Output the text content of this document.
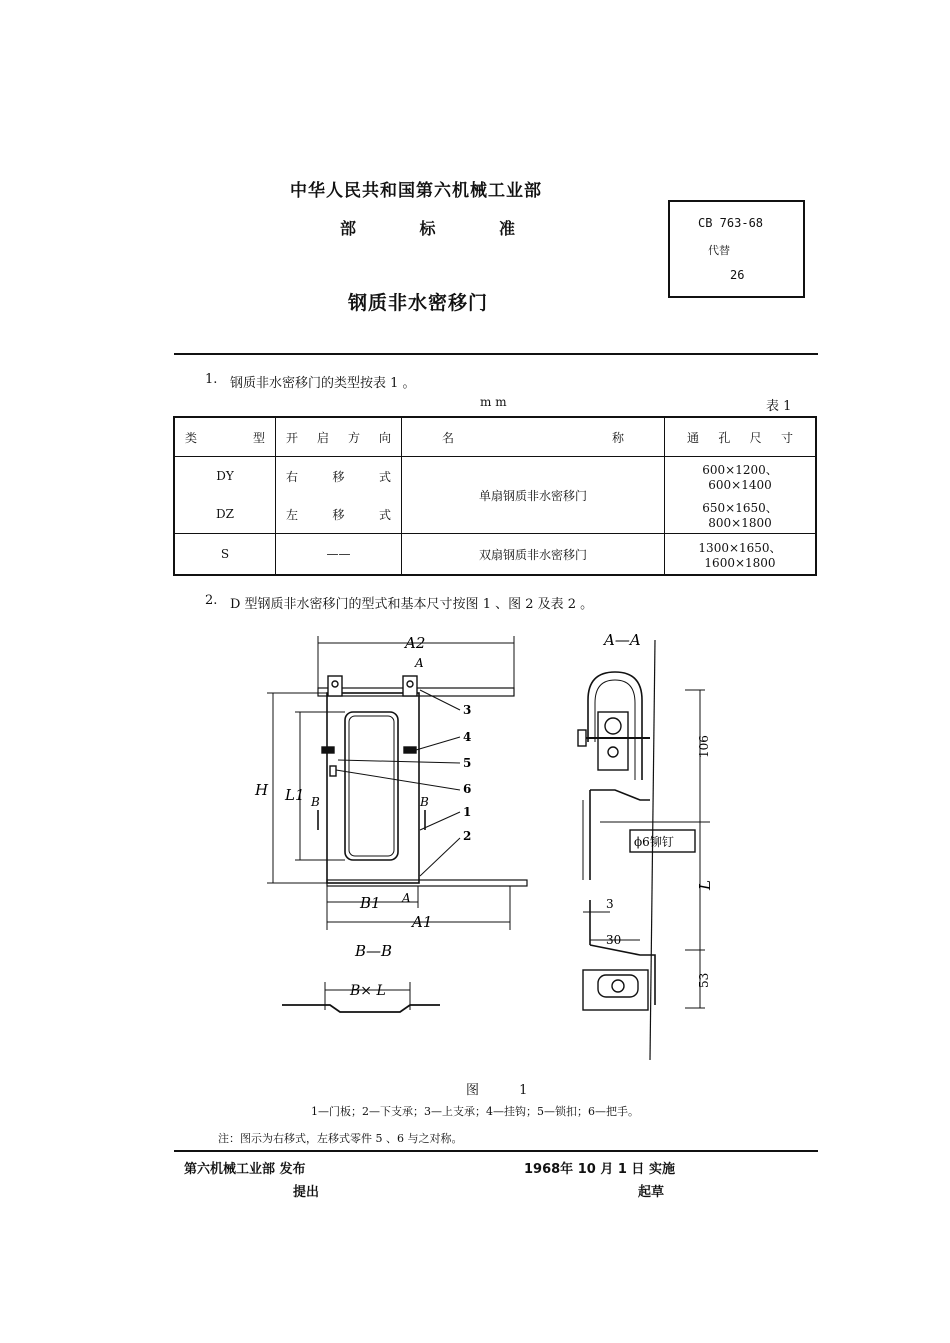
中华人民共和国第六机械工业部
部	标	准
钢质非水密移门
CB 763-68
代替
26
1. 钢质非水密移门的类型按表 1 。
m m	表 1
类 型	开 启 方 向	名 称	通 孔 尺 寸

DY	右 移 式	单扇钢质非水密移门	600×1200、600×1400
DZ	左 移 式		650×1650、800×1800
S	——	双扇钢质非水密移门	1300×1650、1600×1800
2. D 型钢质非水密移门的型式和基本尺寸按图 1 、图 2 及表 2 。
A2
A
H L1 B	B
B1 A
A1
A—A
B—B
B× L
106
L
53
3
30
ϕ6铆钉
3
4
5
6
1
2
图 1
1—门板；2—下支承；3—上支承；4—挂钩；5—锁扣；6—把手。
注：图示为右移式，左移式零件 5 、6 与之对称。
第六机械工业部 发布	1968年 10 月 1 日 实施
提出	起草
